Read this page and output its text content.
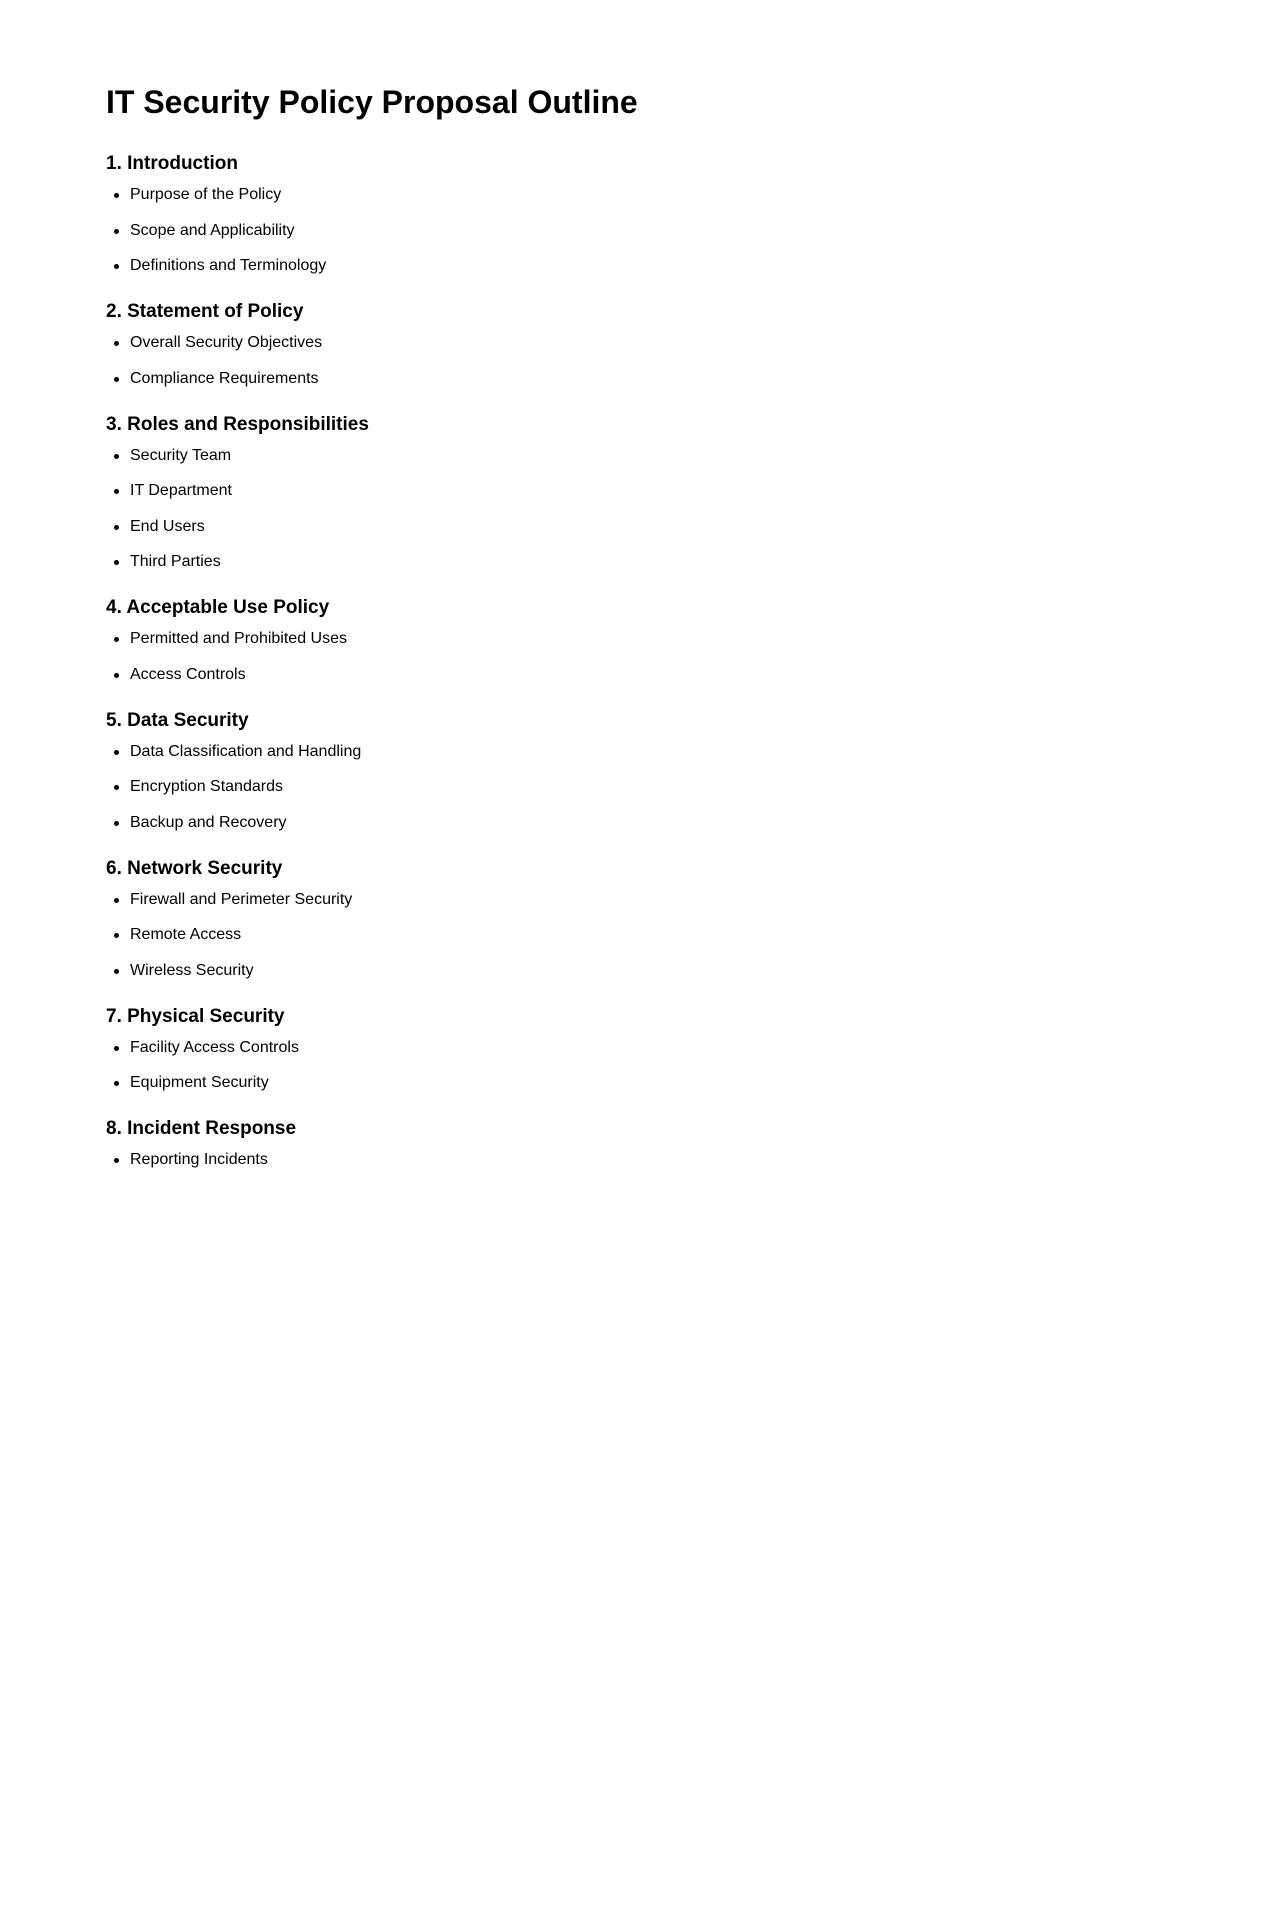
IT Security Policy Proposal Outline
1. Introduction
Purpose of the Policy
Scope and Applicability
Definitions and Terminology
2. Statement of Policy
Overall Security Objectives
Compliance Requirements
3. Roles and Responsibilities
Security Team
IT Department
End Users
Third Parties
4. Acceptable Use Policy
Permitted and Prohibited Uses
Access Controls
5. Data Security
Data Classification and Handling
Encryption Standards
Backup and Recovery
6. Network Security
Firewall and Perimeter Security
Remote Access
Wireless Security
7. Physical Security
Facility Access Controls
Equipment Security
8. Incident Response
Reporting Incidents
